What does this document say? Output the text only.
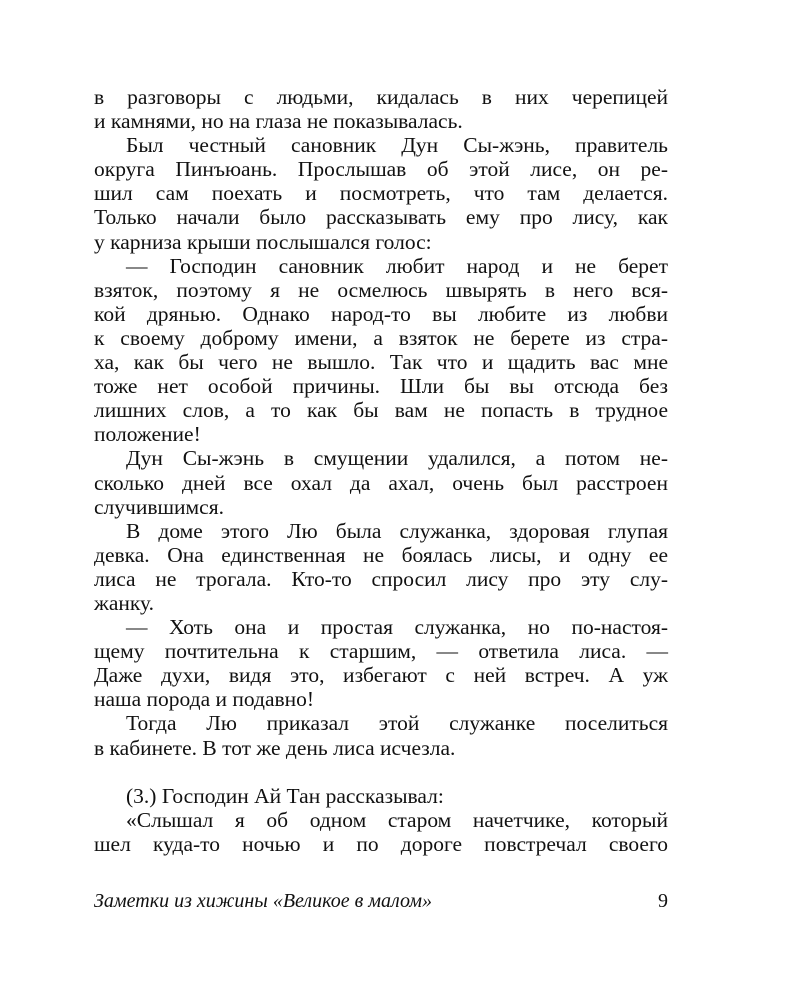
в разговоры с людьми, кидалась в них черепицей
и камнями, но на глаза не показывалась.
Был честный сановник Дун Сы-жэнь, правитель
округа Пинъюань. Прослышав об этой лисе, он ре-
шил сам поехать и посмотреть, что там делается.
Только начали было рассказывать ему про лису, как
у карниза крыши послышался голос:
— Господин сановник любит народ и не берет
взяток, поэтому я не осмелюсь швырять в него вся-
кой дрянью. Однако народ-то вы любите из любви
к своему доброму имени, а взяток не берете из стра-
ха, как бы чего не вышло. Так что и щадить вас мне
тоже нет особой причины. Шли бы вы отсюда без
лишних слов, а то как бы вам не попасть в трудное
положение!
Дун Сы-жэнь в смущении удалился, а потом не-
сколько дней все охал да ахал, очень был расстроен
случившимся.
В доме этого Лю была служанка, здоровая глупая
девка. Она единственная не боялась лисы, и одну ее
лиса не трогала. Кто-то спросил лису про эту слу-
жанку.
— Хоть она и простая служанка, но по-настоя-
щему почтительна к старшим, — ответила лиса. —
Даже духи, видя это, избегают с ней встреч. А уж
наша порода и подавно!
Тогда Лю приказал этой служанке поселиться
в кабинете. В тот же день лиса исчезла.
(3.) Господин Ай Тан рассказывал:
«Слышал я об одном старом начетчике, который
шел куда-то ночью и по дороге повстречал своего
Заметки из хижины «Великое в малом»	9
